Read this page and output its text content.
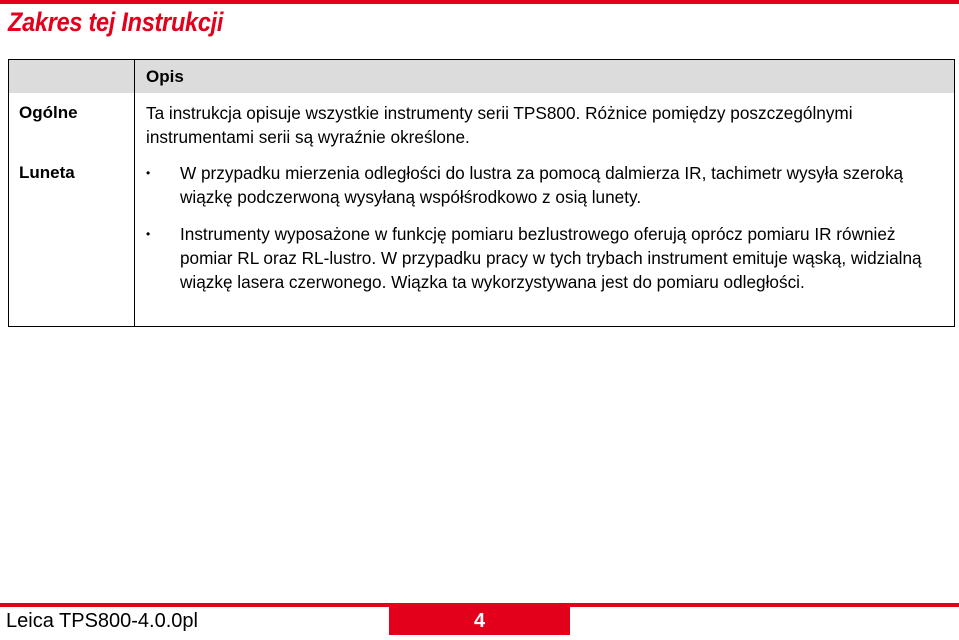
Zakres tej Instrukcji
Opis
Ogólne	Ta instrukcja opisuje wszystkie instrumenty serii TPS800. Różnice pomiędzy poszczególnymi instrumentami serii są wyraźnie określone.
Luneta	• W przypadku mierzenia odległości do lustra za pomocą dalmierza IR, tachimetr wysyła szeroką wiązkę podczerwoną wysyłaną współśrodkowo z osią lunety.
• Instrumenty wyposażone w funkcję pomiaru bezlustrowego oferują oprócz pomiaru IR również pomiar RL oraz RL-lustro. W przypadku pracy w tych trybach instrument emituje wąską, widzialną wiązkę lasera czerwonego. Wiązka ta wykorzystywana jest do pomiaru odległości.
Leica TPS800-4.0.0pl	4
